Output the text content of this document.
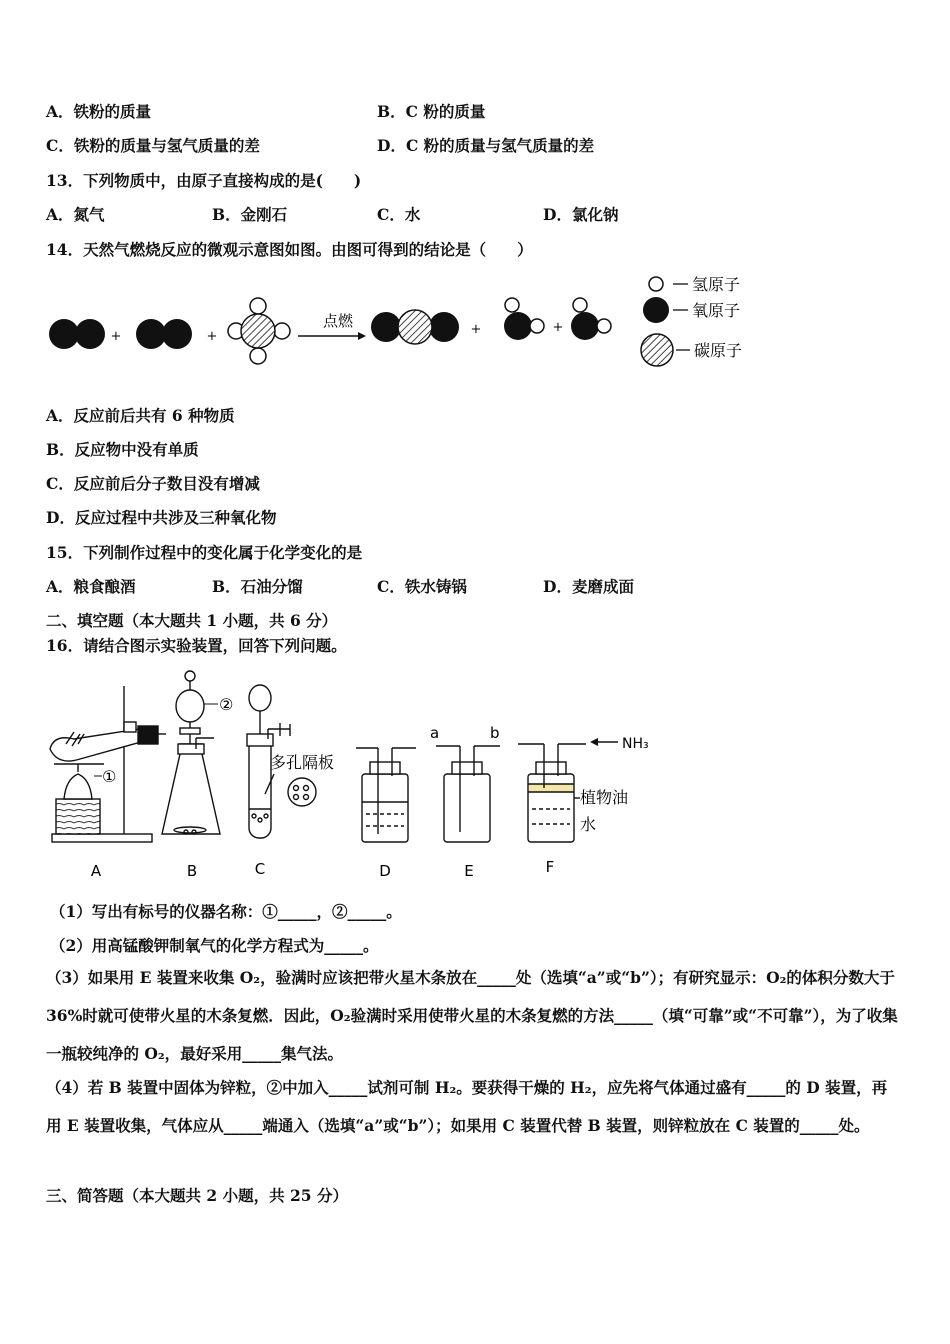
A．铁粉的质量	B．C 粉的质量
C．铁粉的质量与氢气质量的差	D．C 粉的质量与氢气质量的差
13．下列物质中，由原子直接构成的是(　　)
A．氮气	B．金刚石	C．水	D．氯化钠
14．天然气燃烧反应的微观示意图如图。由图可得到的结论是（　　）
+	+
点燃	+	+
氢原子
氧原子
碳原子
A．反应前后共有 6 种物质
B．反应物中没有单质
C．反应前后分子数目没有增减
D．反应过程中共涉及三种氧化物
15．下列制作过程中的变化属于化学变化的是
A．粮食酿酒	B．石油分馏	C．铁水铸锅	D．麦磨成面
二、填空题（本大题共 1 小题，共 6 分）
16．请结合图示实验装置，回答下列问题。
①
②
多孔隔板
a	b
NH₃
植物油
水
A	B	C	D	E	F
（1）写出有标号的仪器名称：①_____，②_____。
（2）用高锰酸钾制氧气的化学方程式为_____。
（3）如果用 E 装置来收集 O₂，验满时应该把带火星木条放在_____处（选填“a”或“b”）；有研究显示：O₂的体积分数大于 36%时就可使带火星的木条复燃．因此，O₂验满时采用使带火星的木条复燃的方法_____（填“可靠”或“不可靠”），为了收集一瓶较纯净的 O₂，最好采用_____集气法。
（4）若 B 装置中固体为锌粒，②中加入_____试剂可制 H₂。要获得干燥的 H₂，应先将气体通过盛有_____的 D 装置，再用 E 装置收集，气体应从_____端通入（选填“a”或“b”）；如果用 C 装置代替 B 装置，则锌粒放在 C 装置的_____处。
三、简答题（本大题共 2 小题，共 25 分）
